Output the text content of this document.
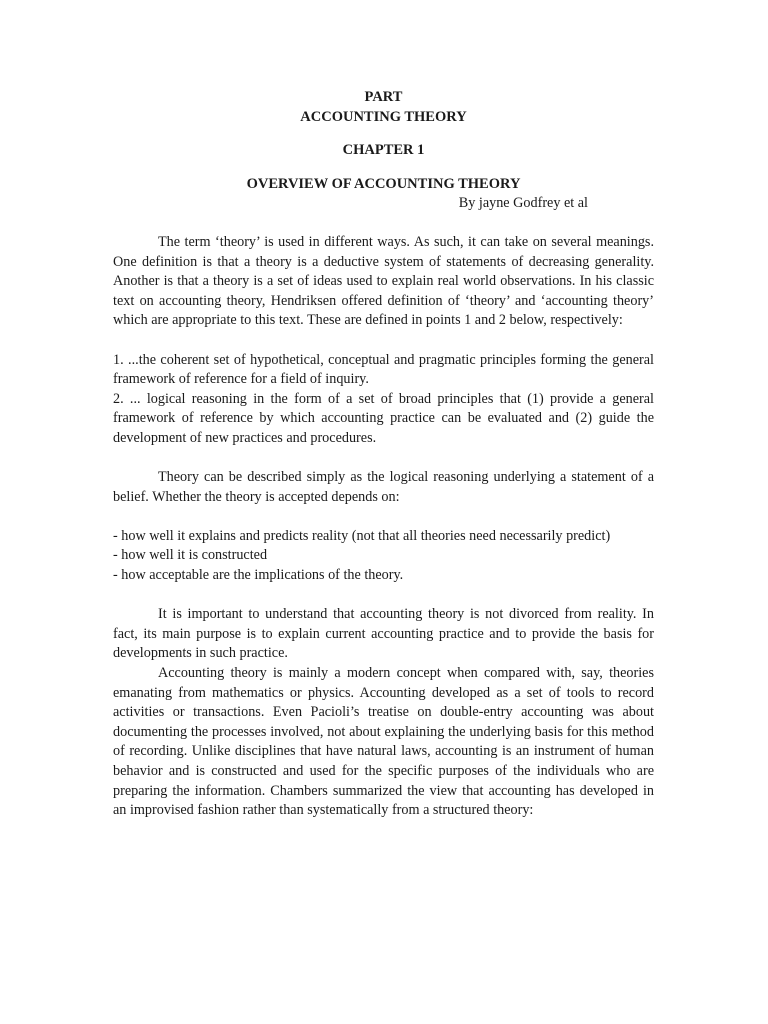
PART
ACCOUNTING THEORY
CHAPTER 1
OVERVIEW OF ACCOUNTING THEORY
By jayne Godfrey et al

The term ‘theory’ is used in different ways. As such, it can take on several meanings. One definition is that a theory is a deductive system of statements of decreasing generality. Another is that a theory is a set of ideas used to explain real world observations. In his classic text on accounting theory, Hendriksen offered definition of ‘theory’ and ‘accounting theory’ which are appropriate to this text. These are defined in points 1 and 2 below, respectively:

1. ...the coherent set of hypothetical, conceptual and pragmatic principles forming the general framework of reference for a field of inquiry.

2. ... logical reasoning in the form of a set of broad principles that (1) provide a general framework of reference by which accounting practice can be evaluated and (2) guide the development of new practices and procedures.

Theory can be described simply as the logical reasoning underlying a statement of a belief. Whether the theory is accepted depends on:

- how well it explains and predicts reality (not that all theories need necessarily predict)

- how well it is constructed

- how acceptable are the implications of the theory.

It is important to understand that accounting theory is not divorced from reality. In fact, its main purpose is to explain current accounting practice and to provide the basis for developments in such practice.

Accounting theory is mainly a modern concept when compared with, say, theories emanating from mathematics or physics. Accounting developed as a set of tools to record activities or transactions. Even Pacioli’s treatise on double-entry accounting was about documenting the processes involved, not about explaining the underlying basis for this method of recording. Unlike disciplines that have natural laws, accounting is an instrument of human behavior and is constructed and used for the specific purposes of the individuals who are preparing the information. Chambers summarized the view that accounting has developed in an improvised fashion rather than systematically from a structured theory:
